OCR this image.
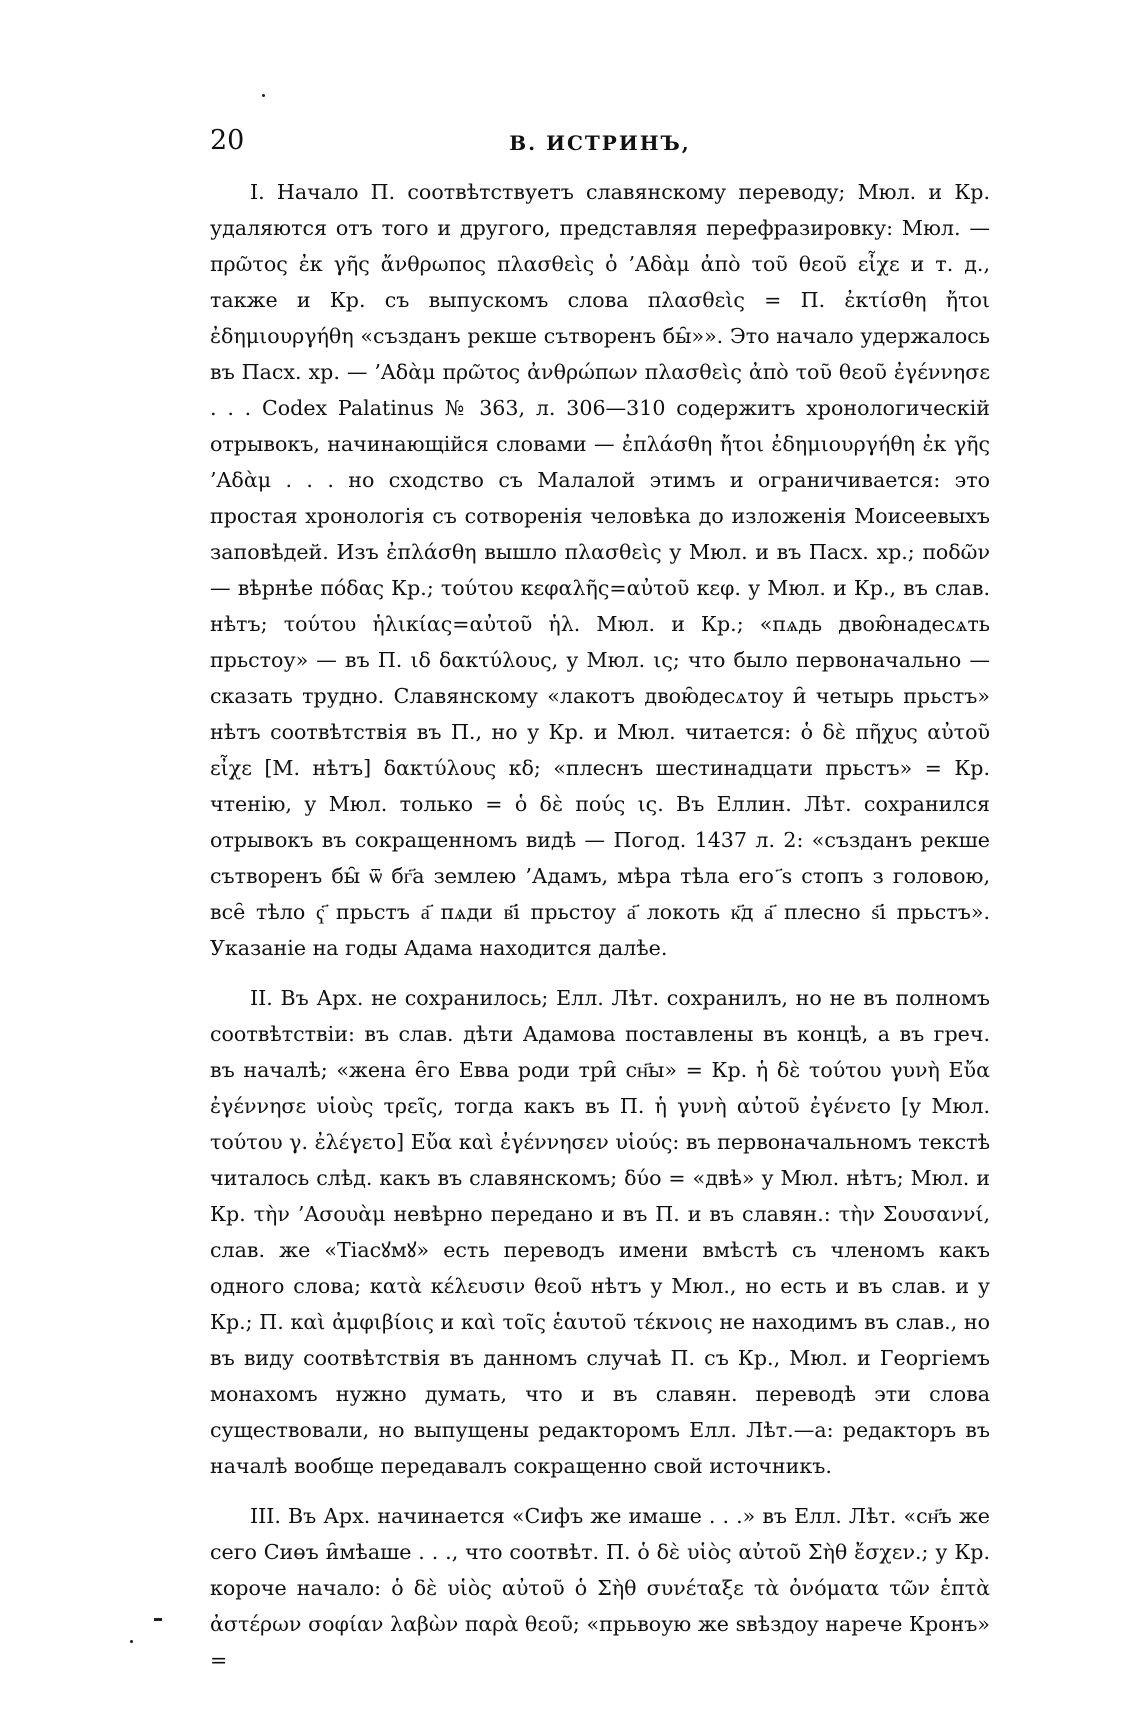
20	В. ИСТРИНЪ,

I. Начало П. соотвѣтствуетъ славянскому переводу; Мюл. и Кр. удаляются отъ того и другого, представляя перефразировку: Мюл. — πρῶτος ἐκ γῆς ἄνθρωπος πλασθεὶς ὁ ’Αδὰμ ἀπὸ τοῦ θεοῦ εἶχε и т. д., также и Кр. съ выпускомъ слова πλασθεὶς = П. ἐκτίσθη ἤτοι ἐδημιουργήθη «създанъ рекше сътворенъ бы̑»». Это начало удержалось въ Пасх. хр. — ’Αδὰμ πρῶτος ἀνθρώπων πλασθεὶς ἀπὸ τοῦ θεοῦ ἐγέννησε . . . Codex Palatinus № 363, л. 306—310 содержитъ хронологическiй отрывокъ, начинающiйся словами — ἐπλάσθη ἤτοι ἐδημιουργήθη ἐκ γῆς ’Αδὰμ . . . но сходство съ Малалой этимъ и ограничивается: это простая хронологiя съ сотворенiя человѣка до изложенiя Моисеевыхъ заповѣдей. Изъ ἐπλάσθη вышло πλασθεὶς у Мюл. и въ Пасх. хр.; ποδῶν — вѣрнѣе πόδας Кр.; τούτου κεφαλῆς=αὐτοῦ κεφ. у Мюл. и Кр., въ слав. нѣтъ; τούτου ἡλικίας=αὐτοῦ ἡλ. Мюл. и Кр.; «пѧдь двою̑надесѧть прьстоу» — въ П. ιδ δακτύλους, у Мюл. ις; что было первоначально — сказать трудно. Славянскому «лакотъ двою̑десѧтоу и̑ четырь прьстъ» нѣтъ соотвѣтствiя въ П., но у Кр. и Мюл. читается: ὁ δὲ πῆχυς αὐτοῦ εἶχε [М. нѣтъ] δακτύλους κδ; «плеснъ шестинадцати прьстъ» = Кр. чтенiю, у Мюл. только = ὁ δὲ πούς ις. Въ Еллин. Лѣт. сохранился отрывокъ въ сокращенномъ видѣ — Погод. 1437 л. 2: «създанъ рекше сътворенъ бы̑ ѿ бг҃а землею ’Адамъ, мѣра тѣла его ҃ѕ стопъ з головою, все̑ тѣло ҁ҃ прьстъ а҃ пѧди в҃і прьстоу а҃ локоть к҃д а҃ плесно ѕ҃і прьстъ». Указанiе на годы Адама находится далѣе.

II. Въ Арх. не сохранилось; Елл. Лѣт. сохранилъ, но не въ полномъ соотвѣтствiи: въ слав. дѣти Адамова поставлены въ концѣ, а въ греч. въ началѣ; «жена е̑го Евва роди три̑ сн҃ы» = Кр. ἡ δὲ τούτου γυνὴ Εὔα ἐγέννησε υἱοὺς τρεῖς, тогда какъ въ П. ἡ γυνὴ αὐτοῦ ἐγένετο [у Мюл. τούτου γ. ἐλέγετο] Εὔα καὶ ἐγέννησεν υἱούς: въ первоначальномъ текстѣ читалось слѣд. какъ въ славянскомъ; δύο = «двѣ» у Мюл. нѣтъ; Мюл. и Кр. τὴν ’Ασουὰμ невѣрно передано и въ П. и въ славян.: τὴν Σουσαννί, слав. же «Тiасꙋмꙋ» есть переводъ имени вмѣстѣ съ членомъ какъ одного слова; κατὰ κέλευσιν θεοῦ нѣтъ у Мюл., но есть и въ слав. и у Кр.; П. καὶ ἀμφιβίοις и καὶ τοῖς ἑαυτοῦ τέκνοις не находимъ въ слав., но въ виду соотвѣтствiя въ данномъ случаѣ П. съ Кр., Мюл. и Георгiемъ монахомъ нужно думать, что и въ славян. переводѣ эти слова существовали, но выпущены редакторомъ Елл. Лѣт.—а: редакторъ въ началѣ вообще передавалъ сокращенно свой источникъ.

III. Въ Арх. начинается «Сифъ же имаше . . .» въ Елл. Лѣт. «сн҃ъ же сего Сиөъ и̑мѣаше . . ., что соотвѣт. П. ὁ δὲ υἱὸς αὐτοῦ Σὴθ ἔσχεν.; у Кр. короче начало: ὁ δὲ υἱὸς αὐτοῦ ὁ Σὴθ συνέταξε τὰ ὀνόματα τῶν ἑπτὰ ἀστέρων σοφίαν λαβὼν παρὰ θεοῦ; «прьвоую же ѕвѣздоу нарече Кронъ» =
